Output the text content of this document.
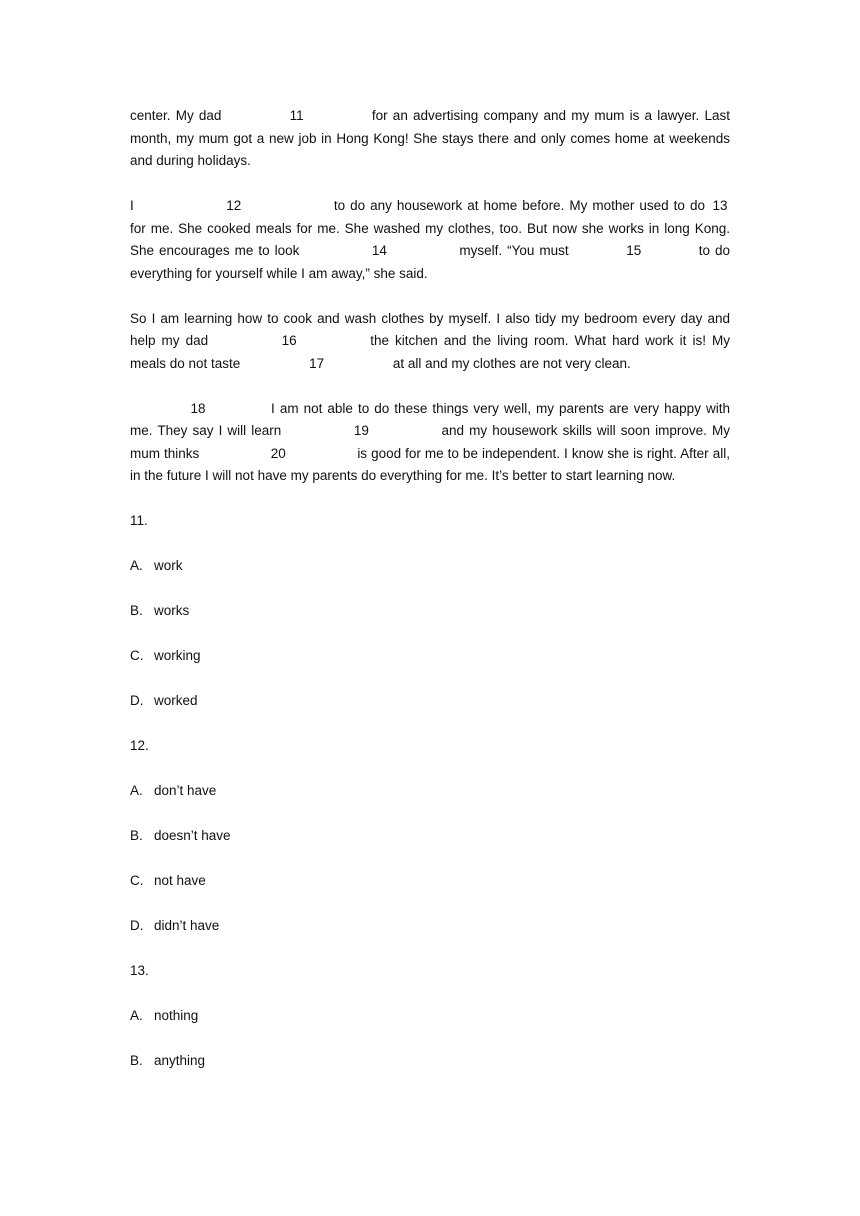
center. My dad	11	for an advertising company and my mum is a lawyer. Last month, my mum got a new job in Hong Kong! She stays there and only comes home at weekends and during holidays.

I	12	to do any housework at home before. My mother used to do 13 for me. She cooked meals for me. She washed my clothes, too. But now she works in long Kong. She encourages me to look	14	myself. “You must	15	to do everything for yourself while I am away,” she said.

So I am learning how to cook and wash clothes by myself. I also tidy my bedroom every day and help my dad	16	the kitchen and the living room. What hard work it is! My meals do not taste	17	at all and my clothes are not very clean.

18	I am not able to do these things very well, my parents are very happy with me. They say I will learn	19	and my housework skills will soon improve. My mum thinks	20	is good for me to be independent. I know she is right. After all, in the future I will not have my parents do everything for me. It’s better to start learning now.

11.

A. work

B. works

C. working

D. worked

12.

A. don’t have

B. doesn’t have

C. not have

D. didn’t have

13.

A. nothing

B. anything
